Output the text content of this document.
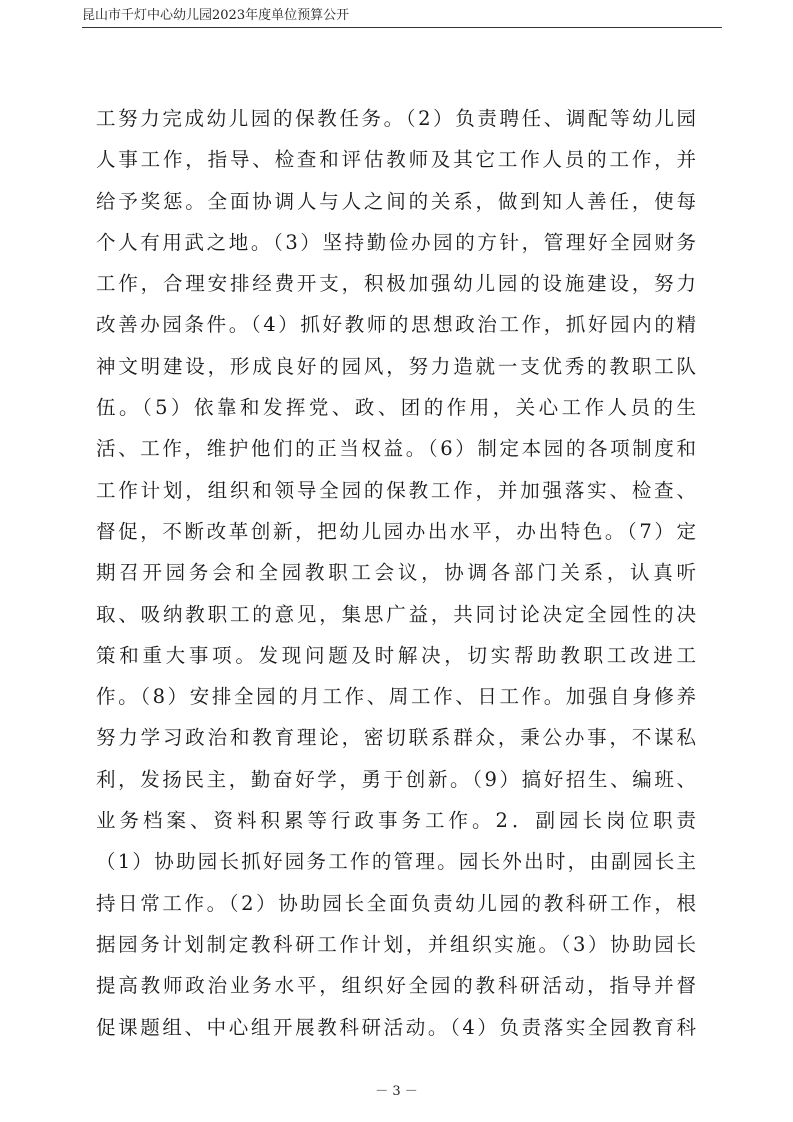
昆山市千灯中心幼儿园2023年度单位预算公开
工努力完成幼儿园的保教任务。（2）负责聘任、调配等幼儿园
人事工作，指导、检查和评估教师及其它工作人员的工作，并
给予奖惩。全面协调人与人之间的关系，做到知人善任，使每
个人有用武之地。（3）坚持勤俭办园的方针，管理好全园财务
工作，合理安排经费开支，积极加强幼儿园的设施建设，努力
改善办园条件。（4）抓好教师的思想政治工作，抓好园内的精
神文明建设，形成良好的园风，努力造就一支优秀的教职工队
伍。（5）依靠和发挥党、政、团的作用，关心工作人员的生
活、工作，维护他们的正当权益。（6）制定本园的各项制度和
工作计划，组织和领导全园的保教工作，并加强落实、检查、
督促，不断改革创新，把幼儿园办出水平，办出特色。（7）定
期召开园务会和全园教职工会议，协调各部门关系，认真听
取、吸纳教职工的意见，集思广益，共同讨论决定全园性的决
策和重大事项。发现问题及时解决，切实帮助教职工改进工
作。（8）安排全园的月工作、周工作、日工作。加强自身修养
努力学习政治和教育理论，密切联系群众，秉公办事，不谋私
利，发扬民主，勤奋好学，勇于创新。（9）搞好招生、编班、
业务档案、资料积累等行政事务工作。2．副园长岗位职责
（1）协助园长抓好园务工作的管理。园长外出时，由副园长主
持日常工作。（2）协助园长全面负责幼儿园的教科研工作，根
据园务计划制定教科研工作计划，并组织实施。（3）协助园长
提高教师政治业务水平，组织好全园的教科研活动，指导并督
促课题组、中心组开展教科研活动。（4）负责落实全园教育科
－ 3 －
